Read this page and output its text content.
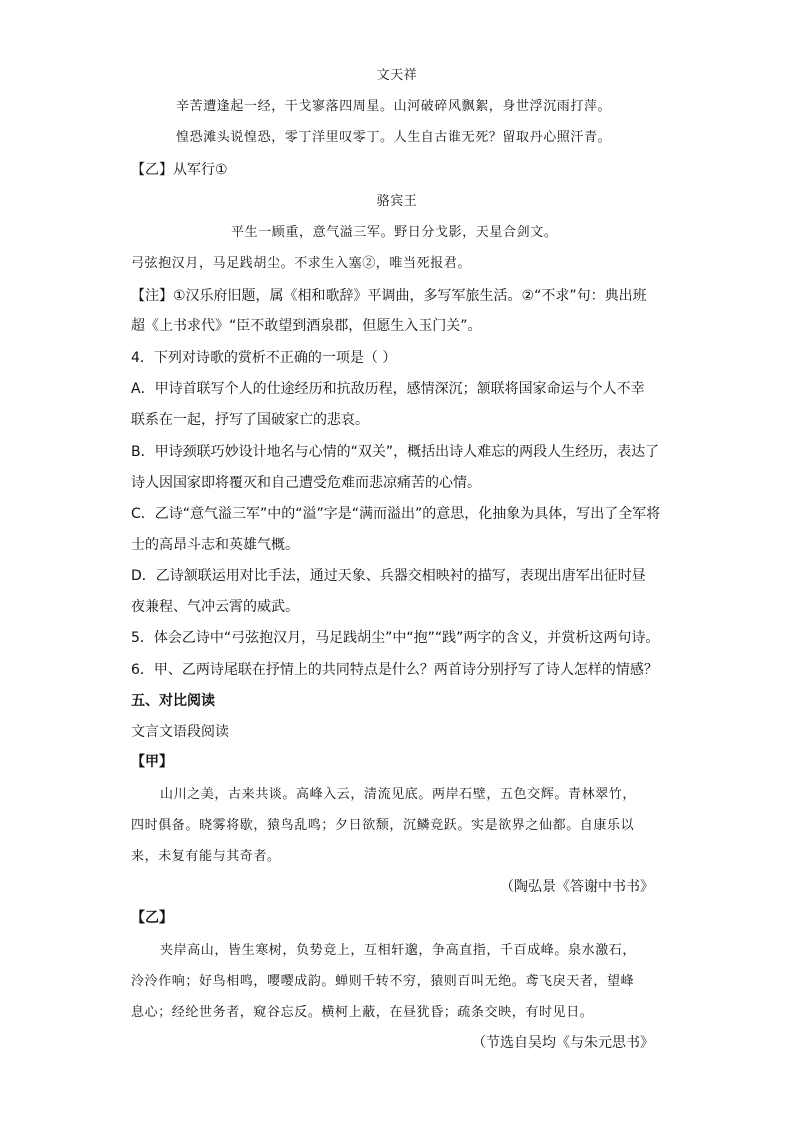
文天祥
辛苦遭逢起一经，干戈寥落四周星。山河破碎风飘絮，身世浮沉雨打萍。
惶恐滩头说惶恐，零丁洋里叹零丁。人生自古谁无死？留取丹心照汗青。
【乙】从军行①
骆宾王
平生一顾重，意气溢三军。野日分戈影，天星合剑文。
弓弦抱汉月，马足践胡尘。不求生入塞②，唯当死报君。
【注】①汉乐府旧题，属《相和歌辞》平调曲，多写军旅生活。②“不求”句：典出班
超《上书求代》“臣不敢望到酒泉郡，但愿生入玉门关”。
4．下列对诗歌的赏析不正确的一项是（ ）
A．甲诗首联写个人的仕途经历和抗敌历程，感情深沉；颔联将国家命运与个人不幸
联系在一起，抒写了国破家亡的悲哀。
B．甲诗颈联巧妙设计地名与心情的“双关”，概括出诗人难忘的两段人生经历，表达了
诗人因国家即将覆灭和自己遭受危难而悲凉痛苦的心情。
C．乙诗“意气溢三军”中的“溢”字是“满而溢出”的意思，化抽象为具体，写出了全军将
士的高昂斗志和英雄气概。
D．乙诗颔联运用对比手法，通过天象、兵器交相映衬的描写，表现出唐军出征时昼
夜兼程、气冲云霄的威武。
5．体会乙诗中“弓弦抱汉月，马足践胡尘”中“抱”“践”两字的含义，并赏析这两句诗。
6．甲、乙两诗尾联在抒情上的共同特点是什么？两首诗分别抒写了诗人怎样的情感？
五、对比阅读
文言文语段阅读
【甲】
山川之美，古来共谈。高峰入云，清流见底。两岸石壁，五色交辉。青林翠竹，
四时俱备。晓雾将歇，猿鸟乱鸣；夕日欲颓，沉鳞竞跃。实是欲界之仙都。自康乐以
来，未复有能与其奇者。
（陶弘景《答谢中书书》
【乙】
夹岸高山，皆生寒树，负势竞上，互相轩邈，争高直指，千百成峰。泉水激石，
泠泠作响；好鸟相鸣，嘤嘤成韵。蝉则千转不穷，猿则百叫无绝。鸢飞戾天者，望峰
息心；经纶世务者，窥谷忘反。横柯上蔽，在昼犹昏；疏条交映，有时见日。
（节选自吴均《与朱元思书》
